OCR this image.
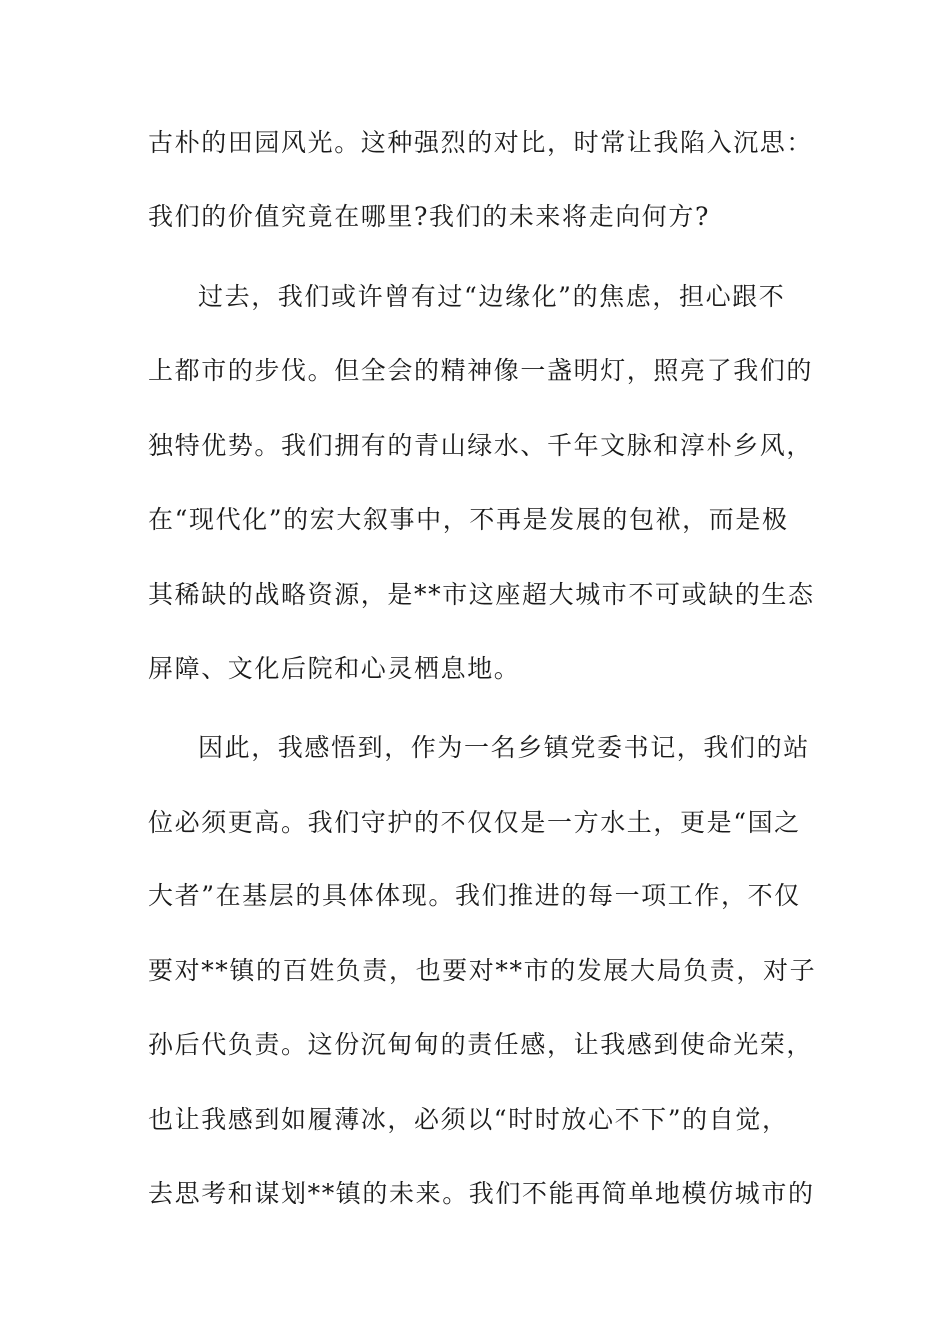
古朴的田园风光。这种强烈的对比，时常让我陷入沉思：
我们的价值究竟在哪里?我们的未来将走向何方?
过去，我们或许曾有过“边缘化”的焦虑，担心跟不
上都市的步伐。但全会的精神像一盏明灯，照亮了我们的
独特优势。我们拥有的青山绿水、千年文脉和淳朴乡风，
在“现代化”的宏大叙事中，不再是发展的包袱，而是极
其稀缺的战略资源，是**市这座超大城市不可或缺的生态
屏障、文化后院和心灵栖息地。
因此，我感悟到，作为一名乡镇党委书记，我们的站
位必须更高。我们守护的不仅仅是一方水土，更是“国之
大者”在基层的具体体现。我们推进的每一项工作，不仅
要对**镇的百姓负责，也要对**市的发展大局负责，对子
孙后代负责。这份沉甸甸的责任感，让我感到使命光荣，
也让我感到如履薄冰，必须以“时时放心不下”的自觉，
去思考和谋划**镇的未来。我们不能再简单地模仿城市的
